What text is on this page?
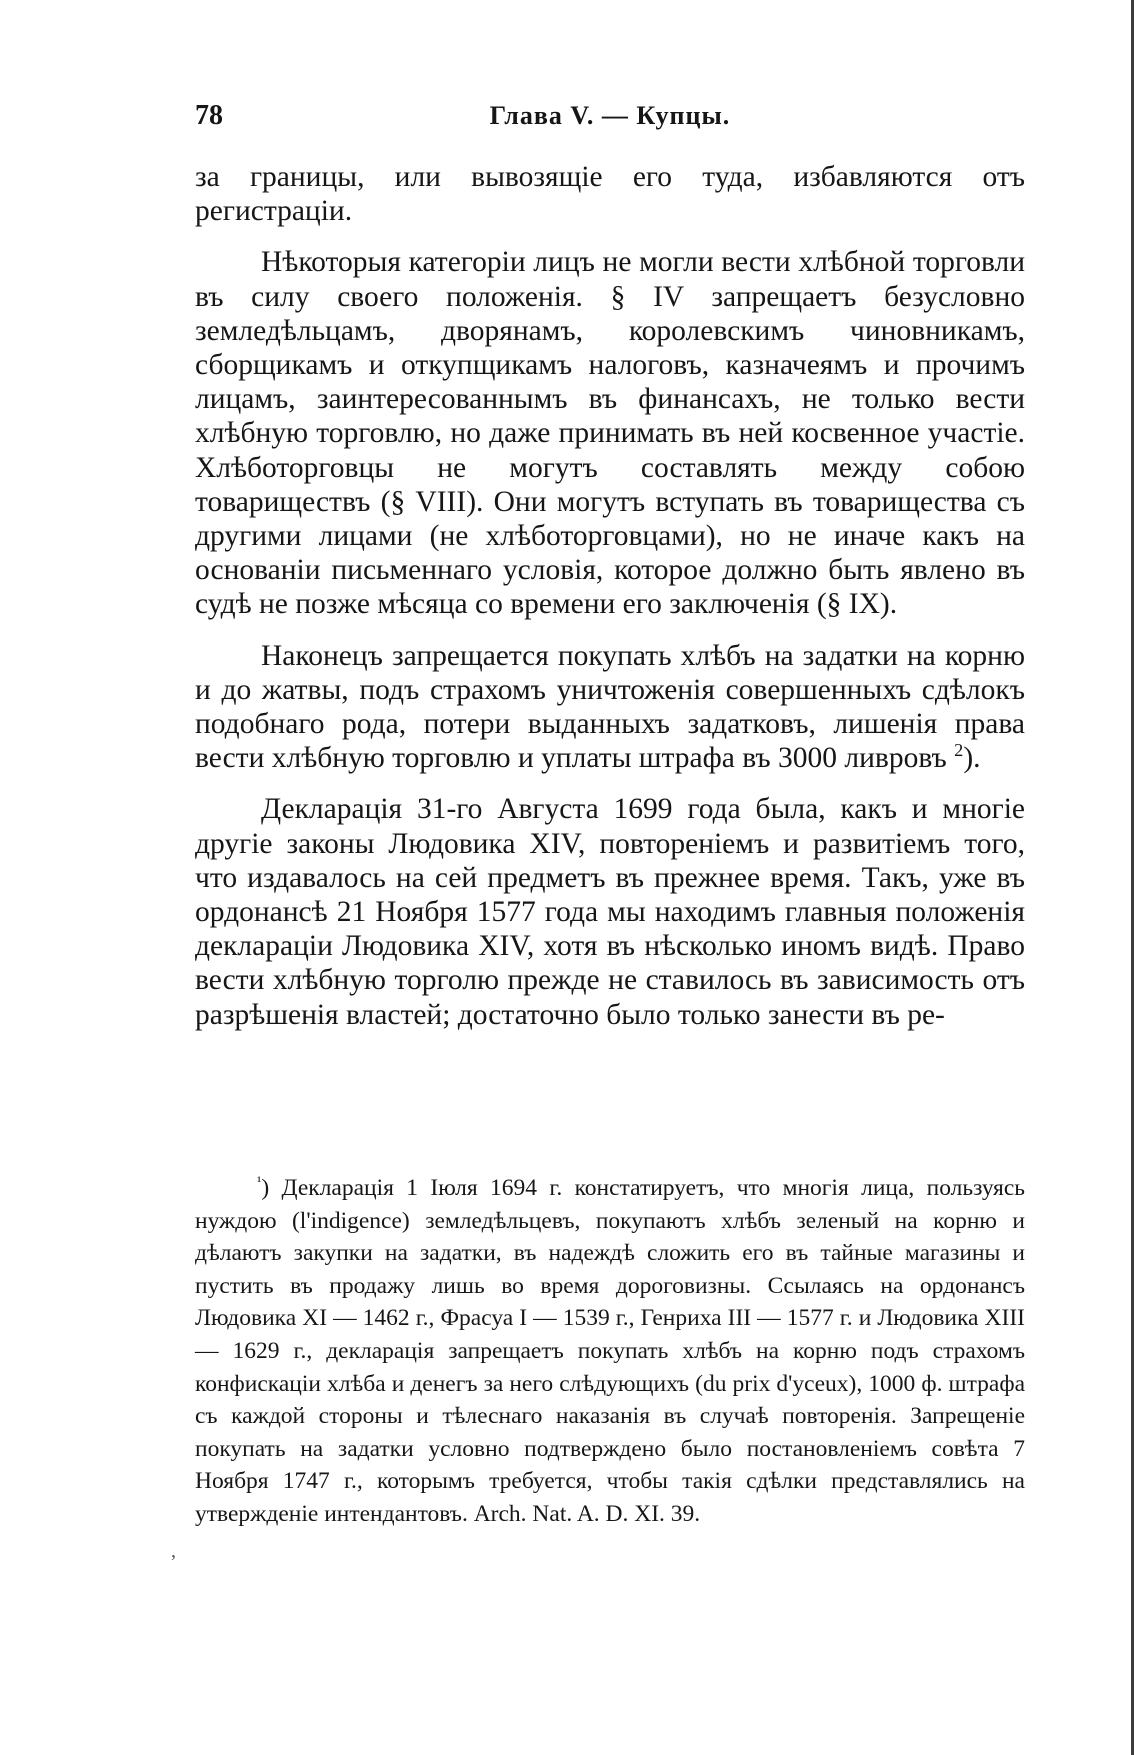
78	Глава V. — Купцы.

за границы, или вывозящіе его туда, избавляются отъ регистраціи.

Нѣкоторыя категоріи лицъ не могли вести хлѣбной торговли въ силу своего положенія. § IV запрещаетъ безусловно земледѣльцамъ, дворянамъ, королевскимъ чиновникамъ, сборщикамъ и откупщикамъ налоговъ, казначеямъ и прочимъ лицамъ, заинтересованнымъ въ финансахъ, не только вести хлѣбную торговлю, но даже принимать въ ней косвенное участіе. Хлѣботорговцы не могутъ составлять между собою товариществъ (§ VIII). Они могутъ вступать въ товарищества съ другими лицами (не хлѣботорговцами), но не иначе какъ на основаніи письменнаго условія, которое должно быть явлено въ судѣ не позже мѣсяца со времени его заключенія (§ IX).

Наконецъ запрещается покупать хлѣбъ на задатки на корню и до жатвы, подъ страхомъ уничтоженія совершенныхъ сдѣлокъ подобнаго рода, потери выданныхъ задатковъ, лишенія права вести хлѣбную торговлю и уплаты штрафа въ 3000 ливровъ $^2$).

Декларація 31-го Августа 1699 года была, какъ и многіе другіе законы Людовика XIV, повтореніемъ и развитіемъ того, что издавалось на сей предметъ въ прежнее время. Такъ, уже въ ордонансѣ 21 Ноября 1577 года мы находимъ главныя положенія деклараціи Людовика XIV, хотя въ нѣсколько иномъ видѣ. Право вести хлѣбную торголю прежде не ставилось въ зависимость отъ разрѣшенія властей; достаточно было только занести въ ре-

$^{^1}$) Декларація 1 Іюля 1694 г. констатируетъ, что многія лица, пользуясь нуждою (l'indigence) земледѣльцевъ, покупаютъ хлѣбъ зеленый на корню и дѣлаютъ закупки на задатки, въ надеждѣ сложить его въ тайные магазины и пустить въ продажу лишь во время дороговизны. Ссылаясь на ордонансъ Людовика XI — 1462 г., Фрасуа I — 1539 г., Генриха III — 1577 г. и Людовика XIII — 1629 г., декларація запрещаетъ покупать хлѣбъ на корню подъ страхомъ конфискаціи хлѣба и денегъ за него слѣдующихъ (du prix d'yceux), 1000 ф. штрафа съ каждой стороны и тѣлеснаго наказанія въ случаѣ повторенія. Запрещеніе покупать на задатки условно подтверждено было постановленіемъ совѣта 7 Ноября 1747 г., которымъ требуется, чтобы такія сдѣлки представлялись на утвержденіе интендантовъ. Arch. Nat. A. D. XI. 39.

,
